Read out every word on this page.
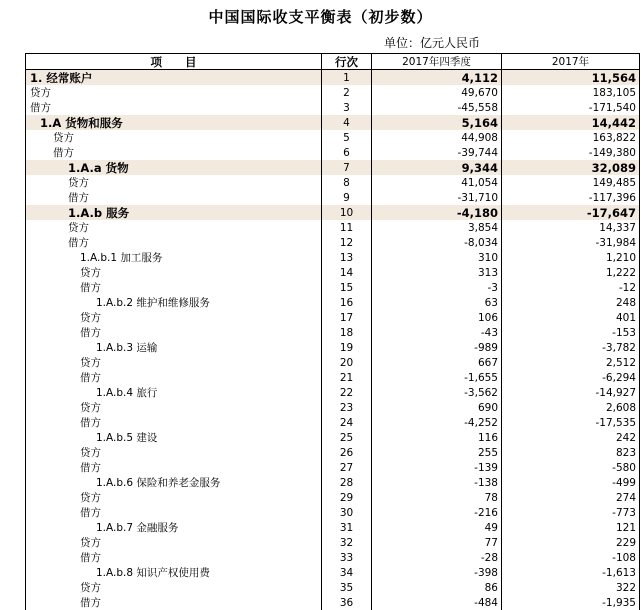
中国国际收支平衡表（初步数）
单位：亿元人民币
项　　目	行次	2017年四季度	2017年
1. 经常账户	1	4,112	11,564
贷方	2	49,670	183,105
借方	3	-45,558	-171,540
1.A 货物和服务	4	5,164	14,442
贷方	5	44,908	163,822
借方	6	-39,744	-149,380
1.A.a 货物	7	9,344	32,089
贷方	8	41,054	149,485
借方	9	-31,710	-117,396
1.A.b 服务	10	-4,180	-17,647
贷方	11	3,854	14,337
借方	12	-8,034	-31,984
1.A.b.1 加工服务	13	310	1,210
贷方	14	313	1,222
借方	15	-3	-12
1.A.b.2 维护和维修服务	16	63	248
贷方	17	106	401
借方	18	-43	-153
1.A.b.3 运输	19	-989	-3,782
贷方	20	667	2,512
借方	21	-1,655	-6,294
1.A.b.4 旅行	22	-3,562	-14,927
贷方	23	690	2,608
借方	24	-4,252	-17,535
1.A.b.5 建设	25	116	242
贷方	26	255	823
借方	27	-139	-580
1.A.b.6 保险和养老金服务	28	-138	-499
贷方	29	78	274
借方	30	-216	-773
1.A.b.7 金融服务	31	49	121
贷方	32	77	229
借方	33	-28	-108
1.A.b.8 知识产权使用费	34	-398	-1,613
贷方	35	86	322
借方	36	-484	-1,935
